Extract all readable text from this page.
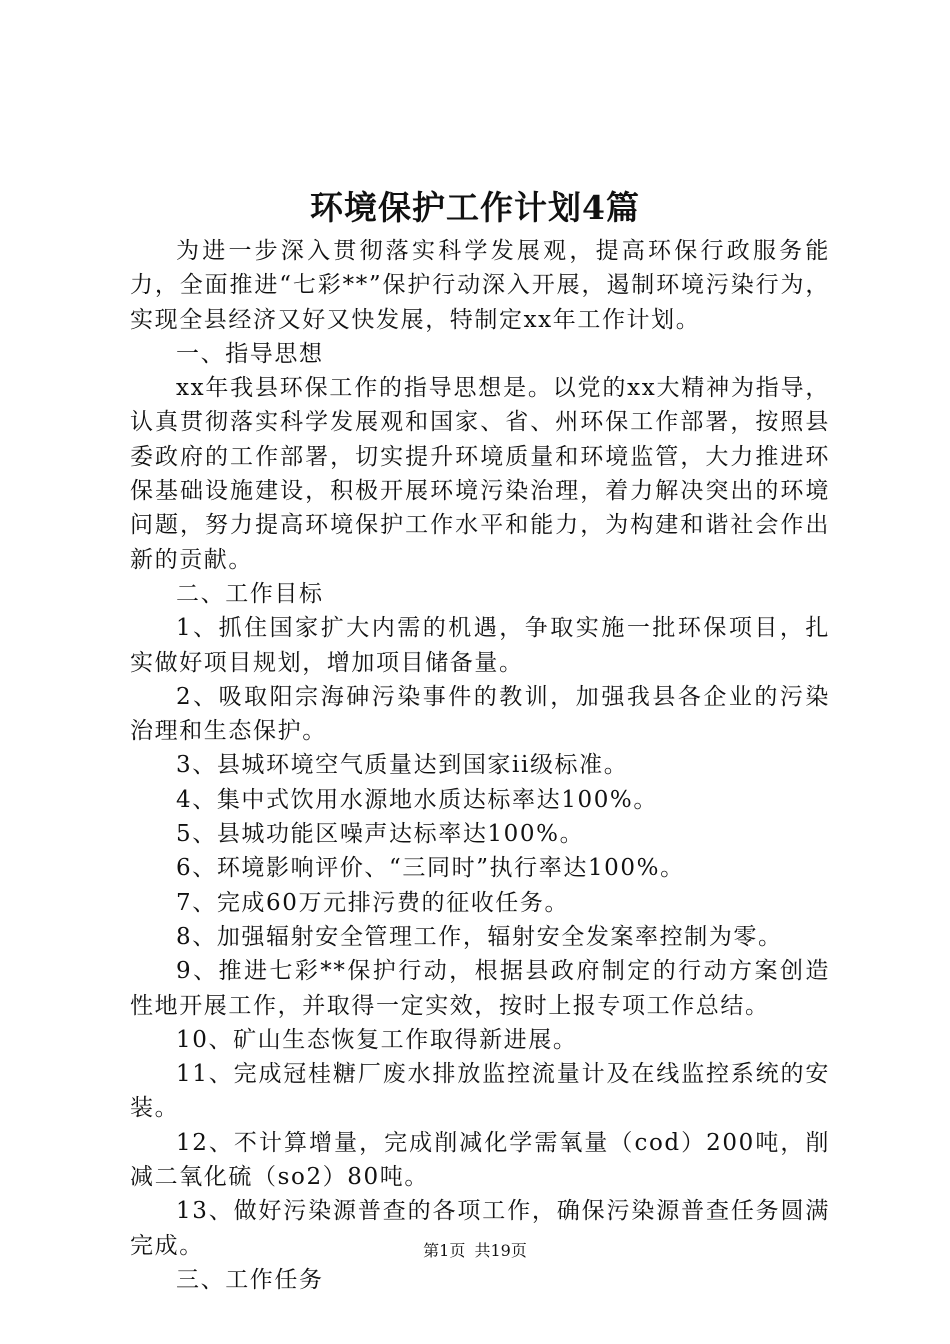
环境保护工作计划4篇

为进一步深入贯彻落实科学发展观，提高环保行政服务能力，全面推进“七彩**”保护行动深入开展，遏制环境污染行为，实现全县经济又好又快发展，特制定xx年工作计划。

一、指导思想

xx年我县环保工作的指导思想是。以党的xx大精神为指导，认真贯彻落实科学发展观和国家、省、州环保工作部署，按照县委政府的工作部署，切实提升环境质量和环境监管，大力推进环保基础设施建设，积极开展环境污染治理，着力解决突出的环境问题，努力提高环境保护工作水平和能力，为构建和谐社会作出新的贡献。

二、工作目标

1、抓住国家扩大内需的机遇，争取实施一批环保项目，扎实做好项目规划，增加项目储备量。

2、吸取阳宗海砷污染事件的教训，加强我县各企业的污染治理和生态保护。

3、县城环境空气质量达到国家ii级标准。

4、集中式饮用水源地水质达标率达100%。

5、县城功能区噪声达标率达100%。

6、环境影响评价、“三同时”执行率达100%。

7、完成60万元排污费的征收任务。

8、加强辐射安全管理工作，辐射安全发案率控制为零。

9、推进七彩**保护行动，根据县政府制定的行动方案创造性地开展工作，并取得一定实效，按时上报专项工作总结。

10、矿山生态恢复工作取得新进展。

11、完成冠桂糖厂废水排放监控流量计及在线监控系统的安装。

12、不计算增量，完成削减化学需氧量（cod）200吨，削减二氧化硫（so2）80吨。

13、做好污染源普查的各项工作，确保污染源普查任务圆满完成。

三、工作任务

第1页 共19页
